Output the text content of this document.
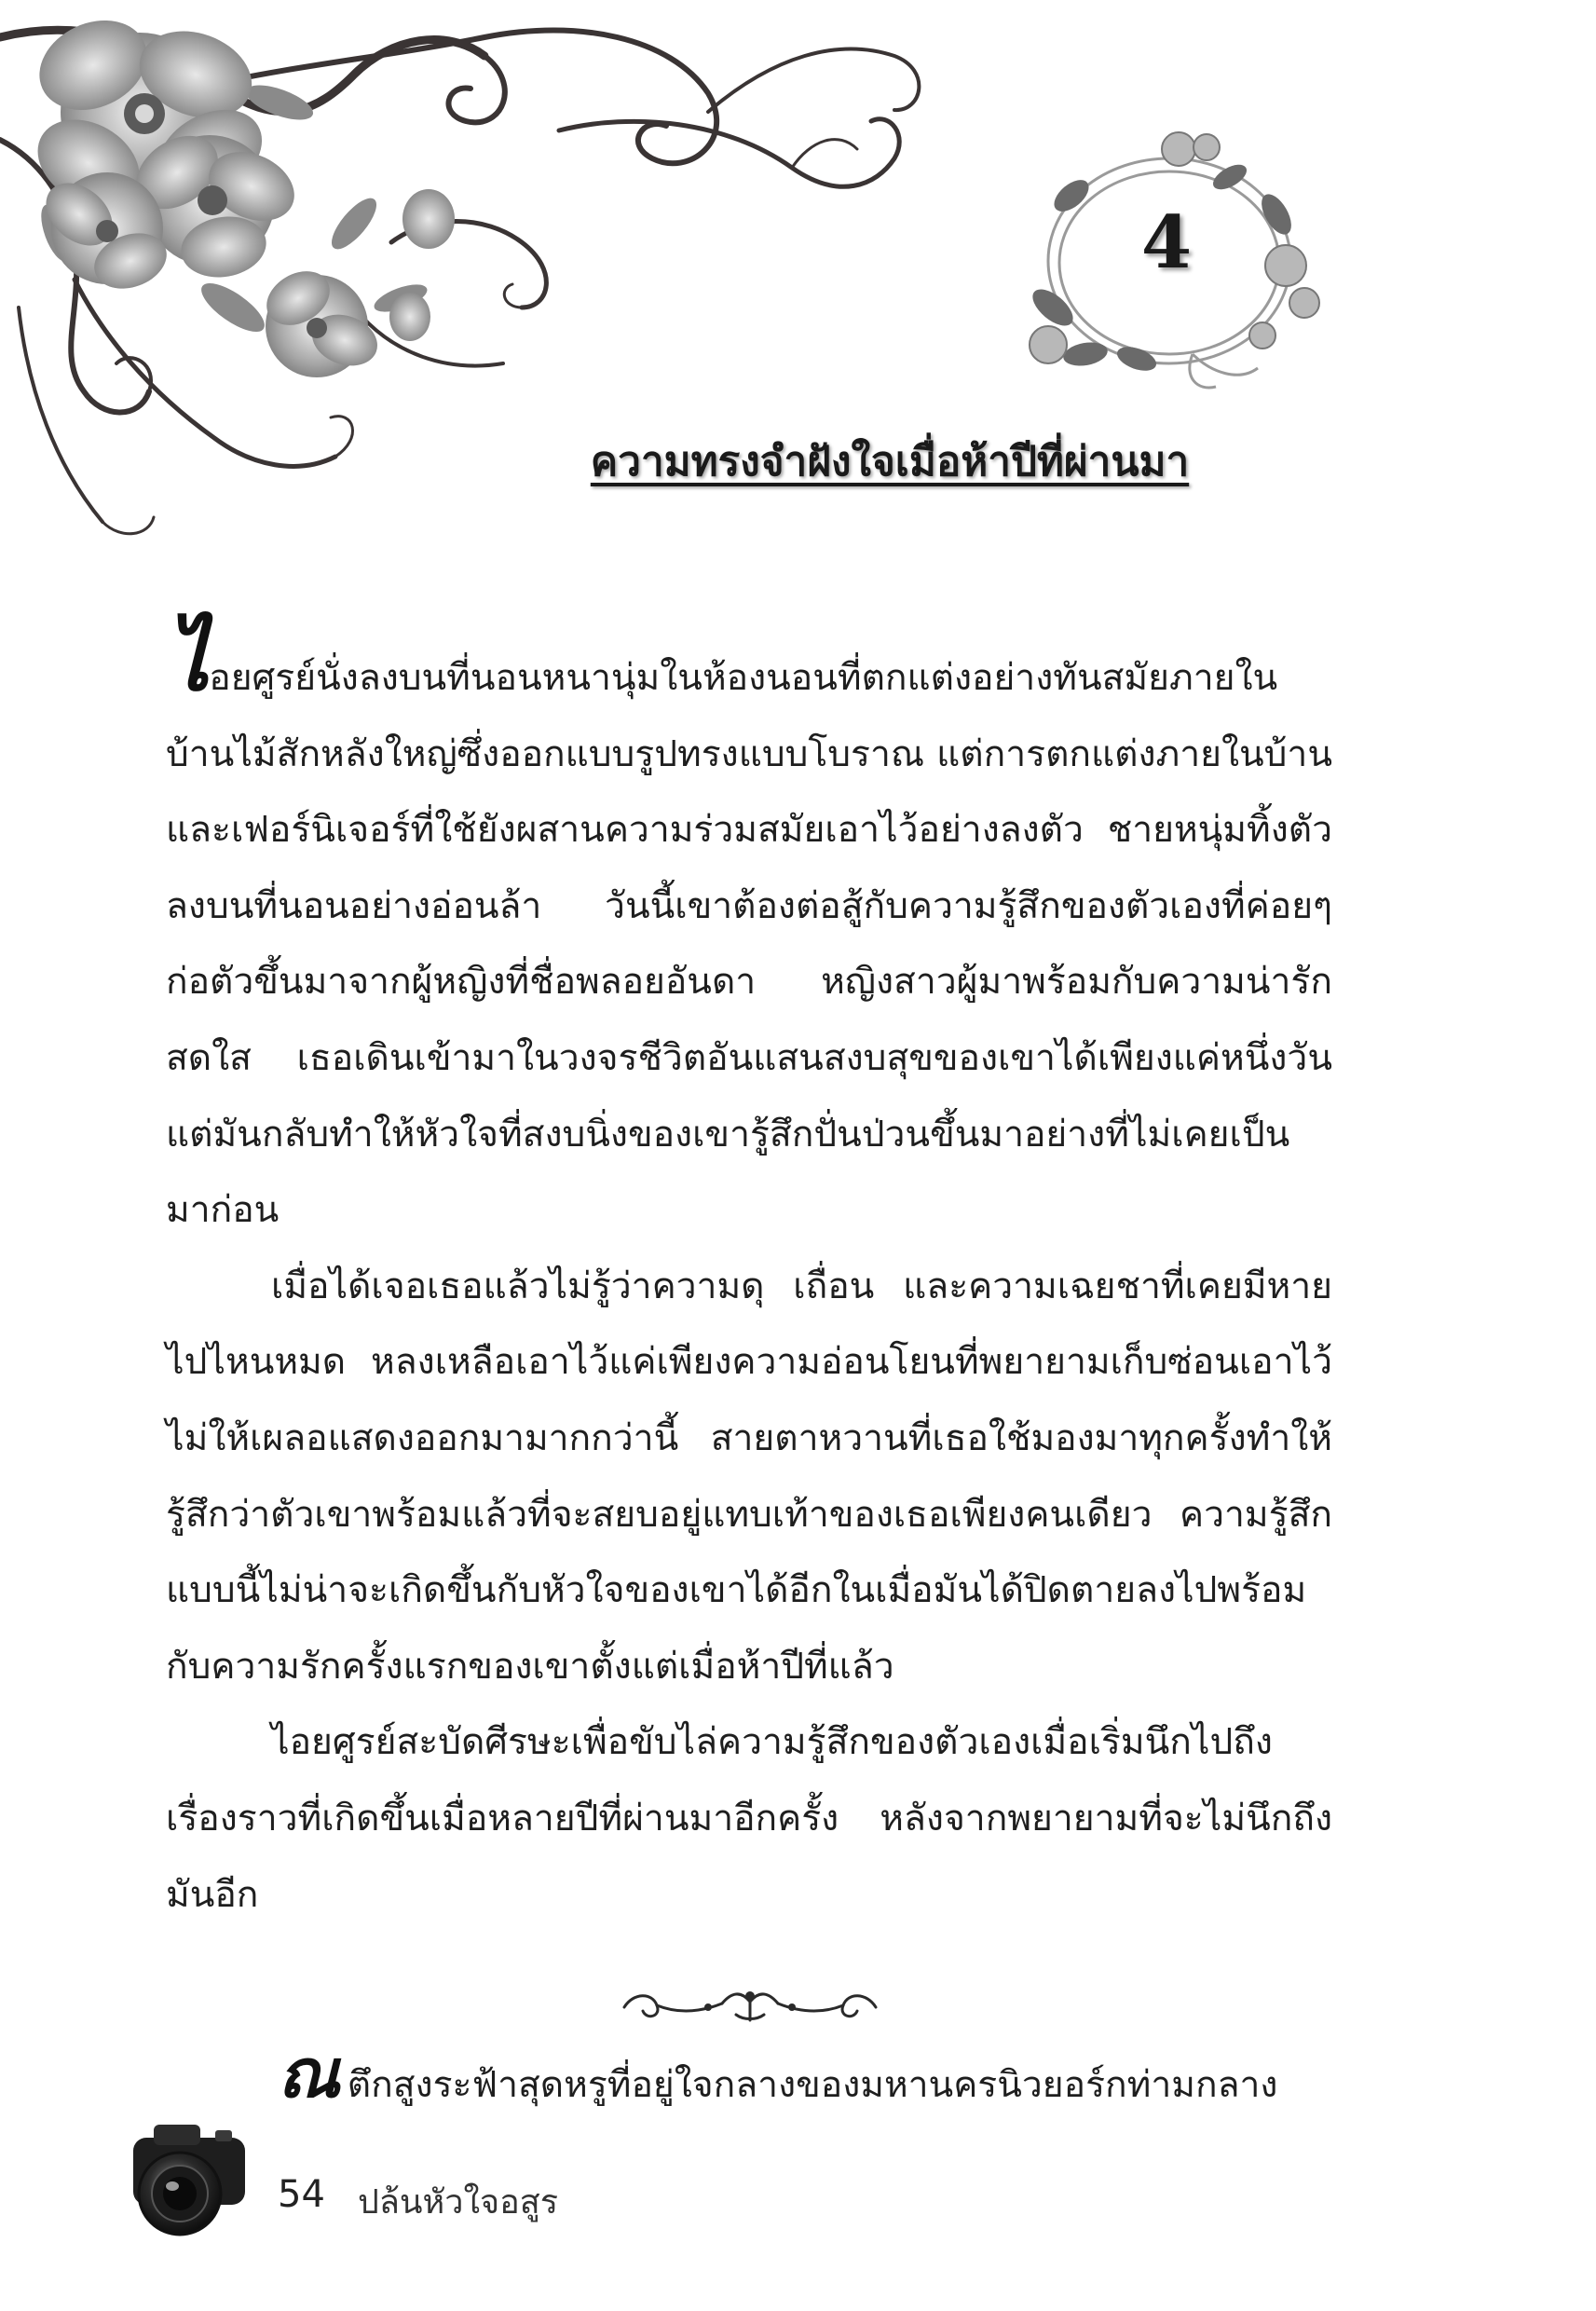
4
ความทรงจำฝังใจเมื่อห้าปีที่ผ่านมา

ไอยศูรย์นั่งลงบนที่นอนหนานุ่มในห้องนอนที่ตกแต่งอย่างทันสมัยภายในบ้านไม้สักหลังใหญ่ซึ่งออกแบบรูปทรงแบบโบราณ แต่การตกแต่งภายในบ้านและเฟอร์นิเจอร์ที่ใช้ยังผสานความร่วมสมัยเอาไว้อย่างลงตัว ชายหนุ่มทิ้งตัวลงบนที่นอนอย่างอ่อนล้า วันนี้เขาต้องต่อสู้กับความรู้สึกของตัวเองที่ค่อยๆ ก่อตัวขึ้นมาจากผู้หญิงที่ชื่อพลอยอันดา หญิงสาวผู้มาพร้อมกับความน่ารักสดใส เธอเดินเข้ามาในวงจรชีวิตอันแสนสงบสุขของเขาได้เพียงแค่หนึ่งวัน แต่มันกลับทำให้หัวใจที่สงบนิ่งของเขารู้สึกปั่นป่วนขึ้นมาอย่างที่ไม่เคยเป็นมาก่อน

เมื่อได้เจอเธอแล้วไม่รู้ว่าความดุ เถื่อน และความเฉยชาที่เคยมีหายไปไหนหมด หลงเหลือเอาไว้แค่เพียงความอ่อนโยนที่พยายามเก็บซ่อนเอาไว้ไม่ให้เผลอแสดงออกมามากกว่านี้ สายตาหวานที่เธอใช้มองมาทุกครั้งทำให้รู้สึกว่าตัวเขาพร้อมแล้วที่จะสยบอยู่แทบเท้าของเธอเพียงคนเดียว ความรู้สึกแบบนี้ไม่น่าจะเกิดขึ้นกับหัวใจของเขาได้อีกในเมื่อมันได้ปิดตายลงไปพร้อมกับความรักครั้งแรกของเขาตั้งแต่เมื่อห้าปีที่แล้ว

ไอยศูรย์สะบัดศีรษะเพื่อขับไล่ความรู้สึกของตัวเองเมื่อเริ่มนึกไปถึงเรื่องราวที่เกิดขึ้นเมื่อหลายปีที่ผ่านมาอีกครั้ง หลังจากพยายามที่จะไม่นึกถึงมันอีก

ณตึกสูงระฟ้าสุดหรูที่อยู่ใจกลางของมหานครนิวยอร์กท่ามกลาง
54 ปล้นหัวใจอสูร
